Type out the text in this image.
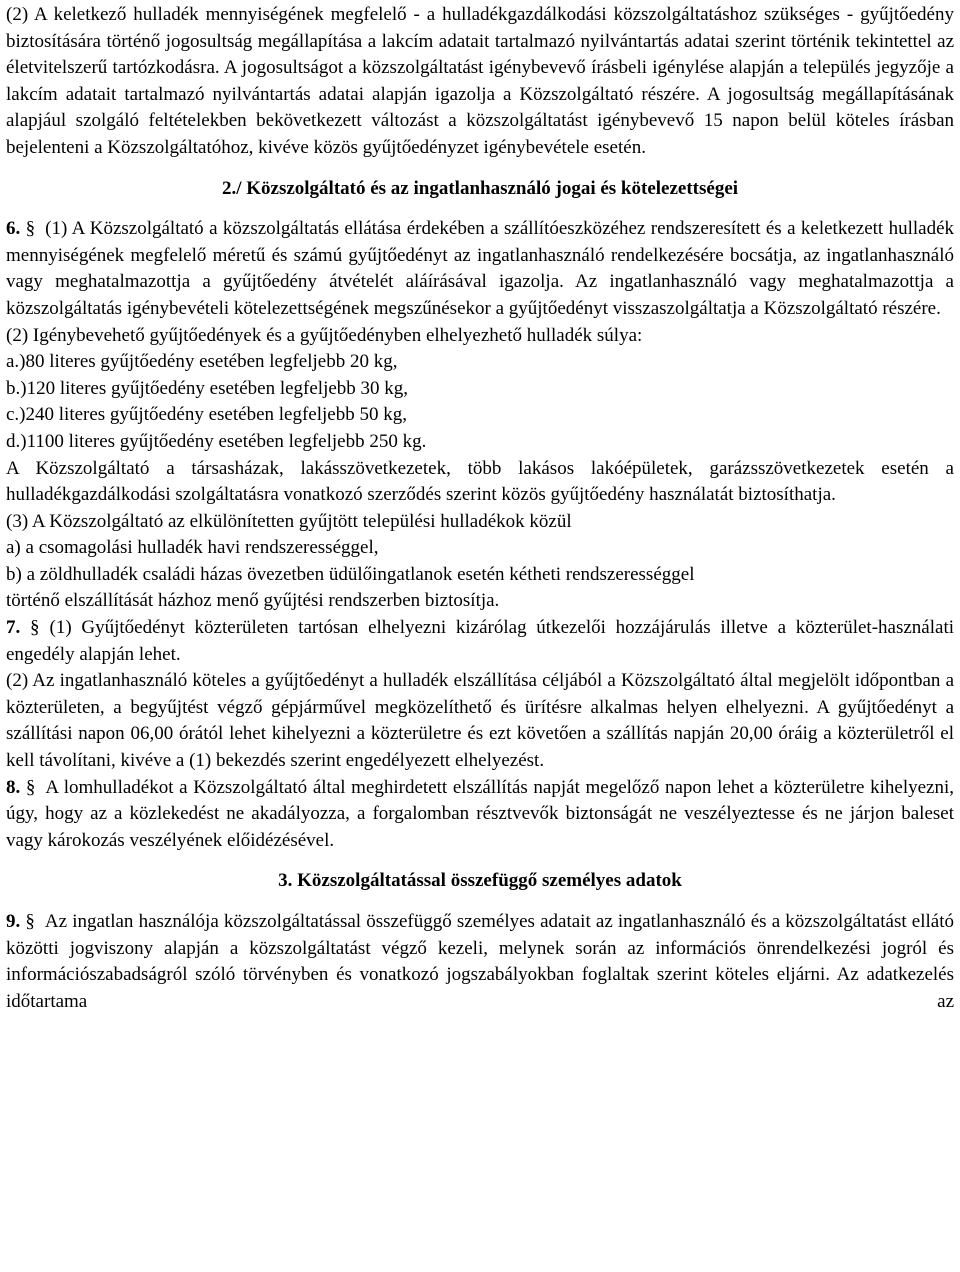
(2) A keletkező hulladék mennyiségének megfelelő - a hulladékgazdálkodási közszolgáltatáshoz szükséges - gyűjtőedény biztosítására történő jogosultság megállapítása a lakcím adatait tartalmazó nyilvántartás adatai szerint történik tekintettel az életvitelszerű tartózkodásra. A jogosultságot a közszolgáltatást igénybevevő írásbeli igénylése alapján a település jegyzője a lakcím adatait tartalmazó nyilvántartás adatai alapján igazolja a Közszolgáltató részére. A jogosultság megállapításának alapjául szolgáló feltételekben bekövetkezett változást a közszolgáltatást igénybevevő 15 napon belül köteles írásban bejelenteni a Közszolgáltatóhoz, kivéve közös gyűjtőedényzet igénybevétele esetén.

2./ Közszolgáltató és az ingatlanhasználó jogai és kötelezettségei

6. § (1) A Közszolgáltató a közszolgáltatás ellátása érdekében a szállítóeszközéhez rendszeresített és a keletkezett hulladék mennyiségének megfelelő méretű és számú gyűjtőedényt az ingatlanhasználó rendelkezésére bocsátja, az ingatlanhasználó vagy meghatalmazottja a gyűjtőedény átvételét aláírásával igazolja. Az ingatlanhasználó vagy meghatalmazottja a közszolgáltatás igénybevételi kötelezettségének megszűnésekor a gyűjtőedényt visszaszolgáltatja a Közszolgáltató részére.

(2) Igénybevehető gyűjtőedények és a gyűjtőedényben elhelyezhető hulladék súlya:

a.)80 literes gyűjtőedény esetében legfeljebb 20 kg,

b.)120 literes gyűjtőedény esetében legfeljebb 30 kg,

c.)240 literes gyűjtőedény esetében legfeljebb 50 kg,

d.)1100 literes gyűjtőedény esetében legfeljebb 250 kg.

A Közszolgáltató a társasházak, lakásszövetkezetek, több lakásos lakóépületek, garázsszövetkezetek esetén a hulladékgazdálkodási szolgáltatásra vonatkozó szerződés szerint közös gyűjtőedény használatát biztosíthatja.

(3) A Közszolgáltató az elkülönítetten gyűjtött települési hulladékok közül

a) a csomagolási hulladék havi rendszerességgel,

b) a zöldhulladék családi házas övezetben üdülőingatlanok esetén kétheti rendszerességgel

történő elszállítását házhoz menő gyűjtési rendszerben biztosítja.

7. § (1) Gyűjtőedényt közterületen tartósan elhelyezni kizárólag útkezelői hozzájárulás illetve a közterület-használati engedély alapján lehet.

(2) Az ingatlanhasználó köteles a gyűjtőedényt a hulladék elszállítása céljából a Közszolgáltató által megjelölt időpontban a közterületen, a begyűjtést végző gépjárművel megközelíthető és ürítésre alkalmas helyen elhelyezni. A gyűjtőedényt a szállítási napon 06,00 órától lehet kihelyezni a közterületre és ezt követően a szállítás napján 20,00 óráig a közterületről el kell távolítani, kivéve a (1) bekezdés szerint engedélyezett elhelyezést.

8. § A lomhulladékot a Közszolgáltató által meghirdetett elszállítás napját megelőző napon lehet a közterületre kihelyezni, úgy, hogy az a közlekedést ne akadályozza, a forgalomban résztvevők biztonságát ne veszélyeztesse és ne járjon baleset vagy károkozás veszélyének előidézésével.

3. Közszolgáltatással összefüggő személyes adatok

9. § Az ingatlan használója közszolgáltatással összefüggő személyes adatait az ingatlanhasználó és a közszolgáltatást ellátó közötti jogviszony alapján a közszolgáltatást végző kezeli, melynek során az információs önrendelkezési jogról és információszabadságról szóló törvényben és vonatkozó jogszabályokban foglaltak szerint köteles eljárni. Az adatkezelés időtartama az
